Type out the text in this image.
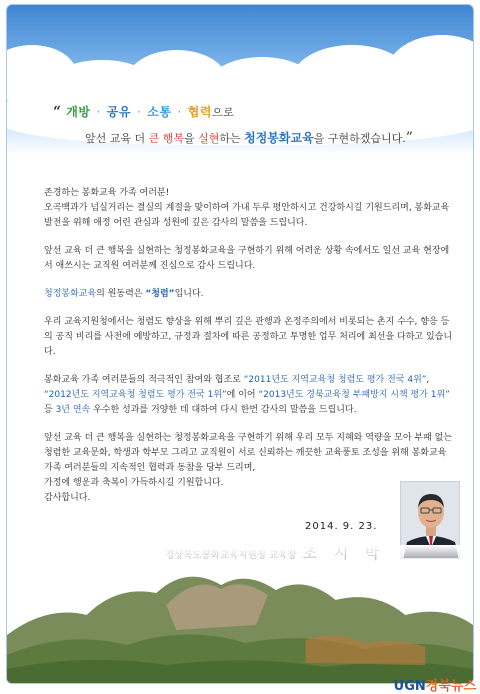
“ 개방 · 공유 · 소통 · 협력으로
앞선 교육 더 큰 행복을 실현하는 청정봉화교육을 구현하겠습니다.”

존경하는 봉화교육 가족 여러분!
오곡백과가 넘실거리는 결실의 계절을 맞이하여 가내 두루 평안하시고 건강하시길 기원드리며, 봉화교육 발전을 위해 애정 어린 관심과 성원에 깊은 감사의 말씀을 드립니다.

앞선 교육 더 큰 행복을 실현하는 청정봉화교육을 구현하기 위해 어려운 상황 속에서도 일선 교육 현장에서 애쓰시는 교직원 여러분께 진심으로 감사 드립니다.

청정봉화교육의 원동력은 “청렴”입니다.

우리 교육지원청에서는 청렴도 향상을 위해 뿌리 깊은 관행과 온정주의에서 비롯되는 촌지 수수, 향응 등의 공직 비리를 사전에 예방하고, 규정과 절차에 따른 공정하고 투명한 업무 처리에 최선을 다하고 있습니다.

봉화교육 가족 여러분들의 적극적인 참여와 협조로 “2011년도 지역교육청 청렴도 평가 전국 4위”, “2012년도 지역교육청 청렴도 평가 전국 1위”에 이어 “2013년도 경북교육청 부패방지 시책 평가 1위” 등 3년 연속 우수한 성과를 거양한 데 대하여 다시 한번 감사의 말씀을 드립니다.

앞선 교육 더 큰 행복을 실현하는 청정봉화교육을 구현하기 위해 우리 모두 지혜와 역량을 모아 부패 없는 청렴한 교육문화, 학생과 학부모 그리고 교직원이 서로 신뢰하는 깨끗한 교육풍토 조성을 위해 봉화교육 가족 여러분들의 지속적인 협력과 동참을 당부 드리며,
가정에 행운과 축복이 가득하시길 기원합니다.
감사합니다.

2014. 9. 23.
UGN경북뉴스
